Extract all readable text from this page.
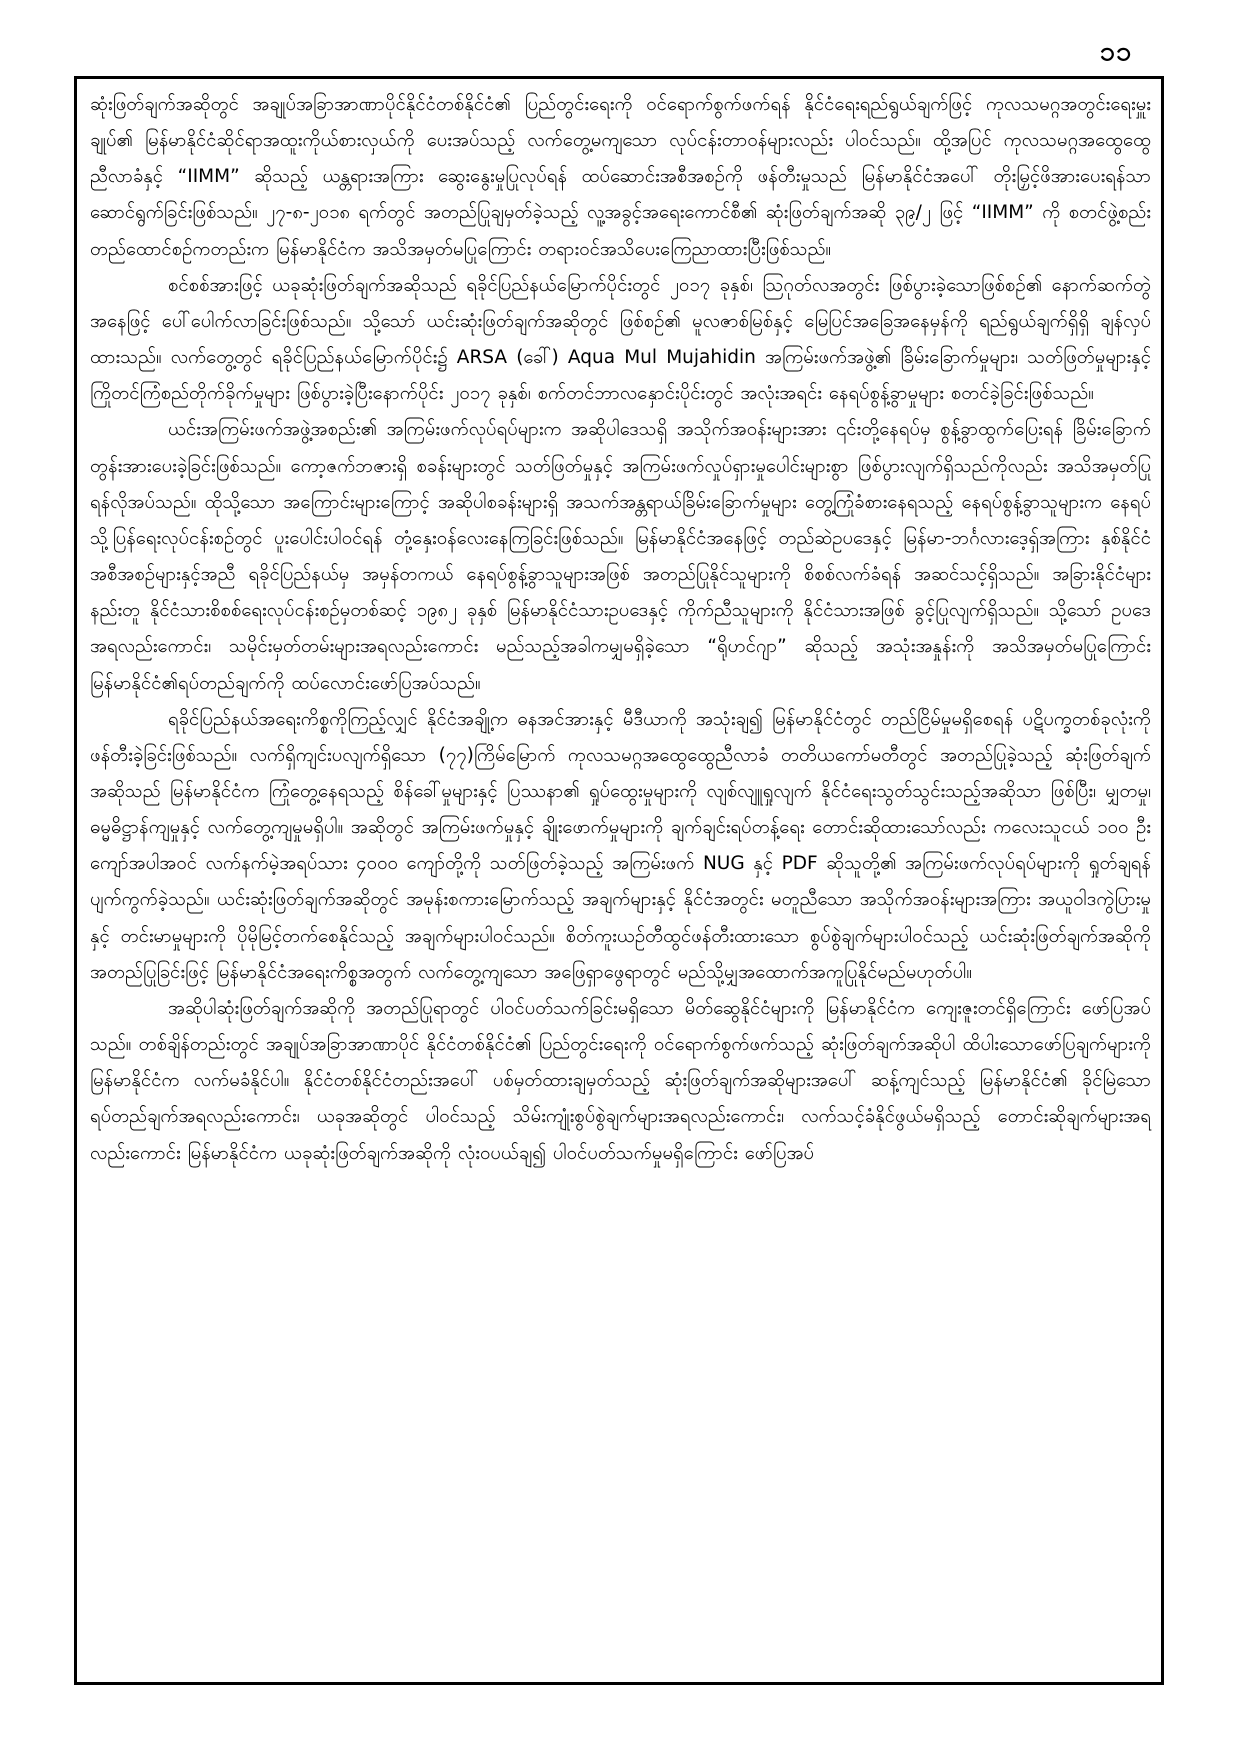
၁၁

ဆုံးဖြတ်ချက်အဆိုတွင် အချုပ်အခြာအာဏာပိုင်နိုင်ငံတစ်နိုင်ငံ၏ ပြည်တွင်းရေးကို ဝင်ရောက်စွက်ဖက်ရန် နိုင်ငံရေးရည်ရွယ်ချက်ဖြင့် ကုလသမဂ္ဂအတွင်းရေးမှူးချုပ်၏ မြန်မာနိုင်ငံဆိုင်ရာအထူးကိုယ်စားလှယ်ကို ပေးအပ်သည့် လက်တွေ့မကျသော လုပ်ငန်းတာဝန်များလည်း ပါဝင်သည်။ ထို့အပြင် ကုလသမဂ္ဂအထွေထွေညီလာခံနှင့် “IIMM” ဆိုသည့် ယန္တရားအကြား ဆွေးနွေးမှုပြုလုပ်ရန် ထပ်ဆောင်းအစီအစဉ်ကို ဖန်တီးမှုသည် မြန်မာနိုင်ငံအပေါ် တိုးမြှင့်ဖိအားပေးရန်သာ ဆောင်ရွက်ခြင်းဖြစ်သည်။ ၂၇-၈-၂၀၁၈ ရက်တွင် အတည်ပြုချမှတ်ခဲ့သည့် လူ့အခွင့်အရေးကောင်စီ၏ ဆုံးဖြတ်ချက်အဆို ၃၉/၂ ဖြင့် “IIMM” ကို စတင်ဖွဲ့စည်းတည်ထောင်စဉ်ကတည်းက မြန်မာနိုင်ငံက အသိအမှတ်မပြုကြောင်း တရားဝင်အသိပေးကြေညာထားပြီးဖြစ်သည်။

စင်စစ်အားဖြင့် ယခုဆုံးဖြတ်ချက်အဆိုသည် ရခိုင်ပြည်နယ်မြောက်ပိုင်းတွင် ၂၀၁၇ ခုနှစ်၊ ဩဂုတ်လအတွင်း ဖြစ်ပွားခဲ့သောဖြစ်စဉ်၏ နောက်ဆက်တွဲအနေဖြင့် ပေါ်ပေါက်လာခြင်းဖြစ်သည်။ သို့သော် ယင်းဆုံးဖြတ်ချက်အဆိုတွင် ဖြစ်စဉ်၏ မူလဇာစ်မြစ်နှင့် မြေပြင်အခြေအနေမှန်ကို ရည်ရွယ်ချက်ရှိရှိ ချန်လှပ်ထားသည်။ လက်တွေ့တွင် ရခိုင်ပြည်နယ်မြောက်ပိုင်း၌ ARSA (ခေါ်) Aqua Mul Mujahidin အကြမ်းဖက်အဖွဲ့၏ ခြိမ်းခြောက်မှုများ၊ သတ်ဖြတ်မှုများနှင့် ကြိုတင်ကြံစည်တိုက်ခိုက်မှုများ ဖြစ်ပွားခဲ့ပြီးနောက်ပိုင်း ၂၀၁၇ ခုနှစ်၊ စက်တင်ဘာလနှောင်းပိုင်းတွင် အလုံးအရင်း နေရပ်စွန့်ခွာမှုများ စတင်ခဲ့ခြင်းဖြစ်သည်။

ယင်းအကြမ်းဖက်အဖွဲ့အစည်း၏ အကြမ်းဖက်လုပ်ရပ်များက အဆိုပါဒေသရှိ အသိုက်အဝန်းများအား ၎င်းတို့နေရပ်မှ စွန့်ခွာထွက်ပြေးရန် ခြိမ်းခြောက်တွန်းအားပေးခဲ့ခြင်းဖြစ်သည်။ ကော့ဇက်ဘဇားရှိ စခန်းများတွင် သတ်ဖြတ်မှုနှင့် အကြမ်းဖက်လှုပ်ရှားမှုပေါင်းများစွာ ဖြစ်ပွားလျက်ရှိသည်ကိုလည်း အသိအမှတ်ပြုရန်လိုအပ်သည်။ ထိုသို့သော အကြောင်းများကြောင့် အဆိုပါစခန်းများရှိ အသက်အန္တရာယ်ခြိမ်းခြောက်မှုများ တွေ့ကြုံခံစားနေရသည့် နေရပ်စွန့်ခွာသူများက နေရပ်သို့ပြန်ရေးလုပ်ငန်းစဉ်တွင် ပူးပေါင်းပါဝင်ရန် တုံ့နှေးဝန်လေးနေကြခြင်းဖြစ်သည်။ မြန်မာနိုင်ငံအနေဖြင့် တည်ဆဲဥပဒေနှင့် မြန်မာ-ဘင်္ဂလားဒေ့ရှ်အကြား နှစ်နိုင်ငံ အစီအစဉ်များနှင့်အညီ ရခိုင်ပြည်နယ်မှ အမှန်တကယ် နေရပ်စွန့်ခွာသူများအဖြစ် အတည်ပြုနိုင်သူများကို စိစစ်လက်ခံရန် အဆင်သင့်ရှိသည်။ အခြားနိုင်ငံများနည်းတူ နိုင်ငံသားစိစစ်ရေးလုပ်ငန်းစဉ်မှတစ်ဆင့် ၁၉၈၂ ခုနှစ် မြန်မာနိုင်ငံသားဥပဒေနှင့် ကိုက်ညီသူများကို နိုင်ငံသားအဖြစ် ခွင့်ပြုလျက်ရှိသည်။ သို့သော် ဥပဒေအရလည်းကောင်း၊ သမိုင်းမှတ်တမ်းများအရလည်းကောင်း မည်သည့်အခါကမျှမရှိခဲ့သော “ရိုဟင်ဂျာ” ဆိုသည့် အသုံးအနှုန်းကို အသိအမှတ်မပြုကြောင်း မြန်မာနိုင်ငံ၏ရပ်တည်ချက်ကို ထပ်လောင်းဖော်ပြအပ်သည်။

ရခိုင်ပြည်နယ်အရေးကိစ္စကိုကြည့်လျှင် နိုင်ငံအချို့က ဓနအင်အားနှင့် မီဒီယာကို အသုံးချ၍ မြန်မာနိုင်ငံတွင် တည်ငြိမ်မှုမရှိစေရန် ပဋိပက္ခတစ်ခုလုံးကို ဖန်တီးခဲ့ခြင်းဖြစ်သည်။ လက်ရှိကျင်းပလျက်ရှိသော (၇၇)ကြိမ်မြောက် ကုလသမဂ္ဂအထွေထွေညီလာခံ တတိယကော်မတီတွင် အတည်ပြုခဲ့သည့် ဆုံးဖြတ်ချက်အဆိုသည် မြန်မာနိုင်ငံက ကြုံတွေ့နေရသည့် စိန်ခေါ်မှုများနှင့် ပြဿနာ၏ ရှုပ်ထွေးမှုများကို လျစ်လျူရှုလျက် နိုင်ငံရေးသွတ်သွင်းသည့်အဆိုသာ ဖြစ်ပြီး၊ မျှတမှု၊ ဓမ္မဓိဋ္ဌာန်ကျမှုနှင့် လက်တွေ့ကျမှုမရှိပါ။ အဆိုတွင် အကြမ်းဖက်မှုနှင့် ချိုးဖောက်မှုများကို ချက်ချင်းရပ်တန့်ရေး တောင်းဆိုထားသော်လည်း ကလေးသူငယ် ၁၀၀ ဦး ကျော်အပါအဝင် လက်နက်မဲ့အရပ်သား ၄၀၀၀ ကျော်တို့ကို သတ်ဖြတ်ခဲ့သည့် အကြမ်းဖက် NUG နှင့် PDF ဆိုသူတို့၏ အကြမ်းဖက်လုပ်ရပ်များကို ရှုတ်ချရန် ပျက်ကွက်ခဲ့သည်။ ယင်းဆုံးဖြတ်ချက်အဆိုတွင် အမုန်းစကားမြောက်သည့် အချက်များနှင့် နိုင်ငံအတွင်း မတူညီသော အသိုက်အဝန်းများအကြား အယူဝါဒကွဲပြားမှုနှင့် တင်းမာမှုများကို ပိုမိုမြင့်တက်စေနိုင်သည့် အချက်များပါဝင်သည်။ စိတ်ကူးယဉ်တီထွင်ဖန်တီးထားသော စွပ်စွဲချက်များပါဝင်သည့် ယင်းဆုံးဖြတ်ချက်အဆိုကို အတည်ပြုခြင်းဖြင့် မြန်မာနိုင်ငံအရေးကိစ္စအတွက် လက်တွေ့ကျသော အဖြေရှာဖွေရာတွင် မည်သို့မျှအထောက်အကူပြုနိုင်မည်မဟုတ်ပါ။

အဆိုပါဆုံးဖြတ်ချက်အဆိုကို အတည်ပြုရာတွင် ပါဝင်ပတ်သက်ခြင်းမရှိသော မိတ်ဆွေနိုင်ငံများကို မြန်မာနိုင်ငံက ကျေးဇူးတင်ရှိကြောင်း ဖော်ပြအပ်သည်။ တစ်ချိန်တည်းတွင် အချုပ်အခြာအာဏာပိုင် နိုင်ငံတစ်နိုင်ငံ၏ ပြည်တွင်းရေးကို ဝင်ရောက်စွက်ဖက်သည့် ဆုံးဖြတ်ချက်အဆိုပါ ထိပါးသောဖော်ပြချက်များကို မြန်မာနိုင်ငံက လက်မခံနိုင်ပါ။ နိုင်ငံတစ်နိုင်ငံတည်းအပေါ် ပစ်မှတ်ထားချမှတ်သည့် ဆုံးဖြတ်ချက်အဆိုများအပေါ် ဆန့်ကျင်သည့် မြန်မာနိုင်ငံ၏ ခိုင်မြဲသောရပ်တည်ချက်အရလည်းကောင်း၊ ယခုအဆိုတွင် ပါဝင်သည့် သိမ်းကျုံးစွပ်စွဲချက်များအရလည်းကောင်း၊ လက်သင့်ခံနိုင်ဖွယ်မရှိသည့် တောင်းဆိုချက်များအရလည်းကောင်း မြန်မာနိုင်ငံက ယခုဆုံးဖြတ်ချက်အဆိုကို လုံးဝပယ်ချ၍ ပါဝင်ပတ်သက်မှုမရှိကြောင်း ဖော်ပြအပ်
